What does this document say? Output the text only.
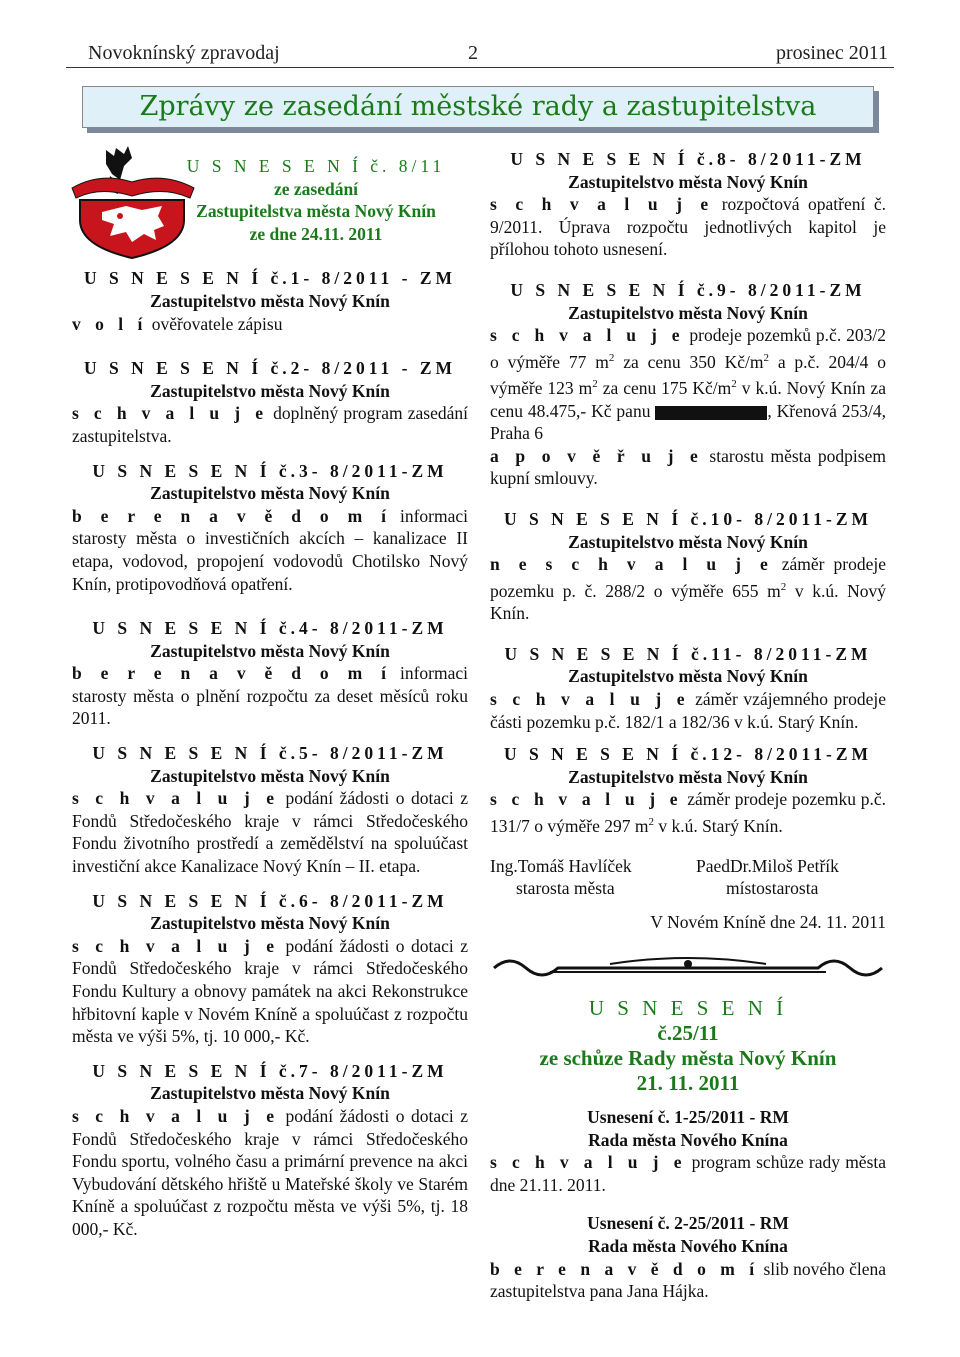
Novoknínský zpravodaj	2	prosinec 2011
Zprávy ze zasedání městské rady a zastupitelstva
U S N E S E N Í č. 8/11
ze zasedání
Zastupitelstva města Nový Knín
ze dne 24.11. 2011
U S N E S E N Í č.1- 8/2011 - ZM
Zastupitelstvo města Nový Knín
v o l í ověřovatele zápisu
U S N E S E N Í č.2- 8/2011 - ZM
Zastupitelstvo města Nový Knín
s c h v a l u j e doplněný program zasedání zastupitelstva.
U S N E S E N Í č.3- 8/2011-ZM
Zastupitelstvo města Nový Knín
b e r e n a v ě d o m í informaci starosty města o investičních akcích – kanalizace II etapa, vodovod, propojení vodovodů Chotilsko Nový Knín, protipovodňová opatření.
U S N E S E N Í č.4- 8/2011-ZM
Zastupitelstvo města Nový Knín
b e r e n a v ě d o m í informaci starosty města o plnění rozpočtu za deset měsíců roku 2011.
U S N E S E N Í č.5- 8/2011-ZM
Zastupitelstvo města Nový Knín
s c h v a l u j e podání žádosti o dotaci z Fondů Středočeského kraje v rámci Středočeského Fondu životního prostředí a zemědělství na spoluúčast investiční akce Kanalizace Nový Knín – II. etapa.
U S N E S E N Í č.6- 8/2011-ZM
Zastupitelstvo města Nový Knín
s c h v a l u j e podání žádosti o dotaci z Fondů Středočeského kraje v rámci Středočeského Fondu Kultury a obnovy památek na akci Rekonstrukce hřbitovní kaple v Novém Kníně a spoluúčast z rozpočtu města ve výši 5%, tj. 10 000,- Kč.
U S N E S E N Í č.7- 8/2011-ZM
Zastupitelstvo města Nový Knín
s c h v a l u j e podání žádosti o dotaci z Fondů Středočeského kraje v rámci Středočeského Fondu sportu, volného času a primární prevence na akci Vybudování dětského hřiště u Mateřské školy ve Starém Kníně a spoluúčast z rozpočtu města ve výši 5%, tj. 18 000,- Kč.
U S N E S E N Í č.8- 8/2011-ZM
Zastupitelstvo města Nový Knín
s c h v a l u j e rozpočtová opatření č. 9/2011. Úprava rozpočtu jednotlivých kapitol je přílohou tohoto usnesení.
U S N E S E N Í č.9- 8/2011-ZM
Zastupitelstvo města Nový Knín
s c h v a l u j e prodeje pozemků p.č. 203/2 o výměře 77 $m^2$ za cenu 350 $Kč/m^2$ a p.č. 204/4 o výměře 123 $m^2$ za cenu 175 $Kč/m^2$ v k.ú. Nový Knín za cenu 48.475,- Kč panu	, Křenová 253/4, Praha 6
a p o v ě ř u j e starostu města podpisem kupní smlouvy.
U S N E S E N Í č.10- 8/2011-ZM
Zastupitelstvo města Nový Knín
n e s c h v a l u j e záměr prodeje pozemku p. č. 288/2 o výměře 655 $m^2$ v k.ú. Nový Knín.
U S N E S E N Í č.11- 8/2011-ZM
Zastupitelstvo města Nový Knín
s c h v a l u j e záměr vzájemného prodeje části pozemku p.č. 182/1 a 182/36 v k.ú. Starý Knín.
U S N E S E N Í č.12- 8/2011-ZM
Zastupitelstvo města Nový Knín
s c h v a l u j e záměr prodeje pozemku p.č. 131/7 o výměře 297 $m^2$ v k.ú. Starý Knín.
Ing.Tomáš Havlíček
starosta města
PaedDr.Miloš Petřík
místostarosta
V Novém Kníně dne 24. 11. 2011
U S N E S E N Í
č.25/11
ze schůze Rady města Nový Knín
21. 11. 2011
Usnesení č. 1-25/2011 - RM
Rada města Nového Knína
s c h v a l u j e program schůze rady města dne 21.11. 2011.
Usnesení č. 2-25/2011 - RM
Rada města Nového Knína
b e r e n a v ě d o m í slib nového člena zastupitelstva pana Jana Hájka.
